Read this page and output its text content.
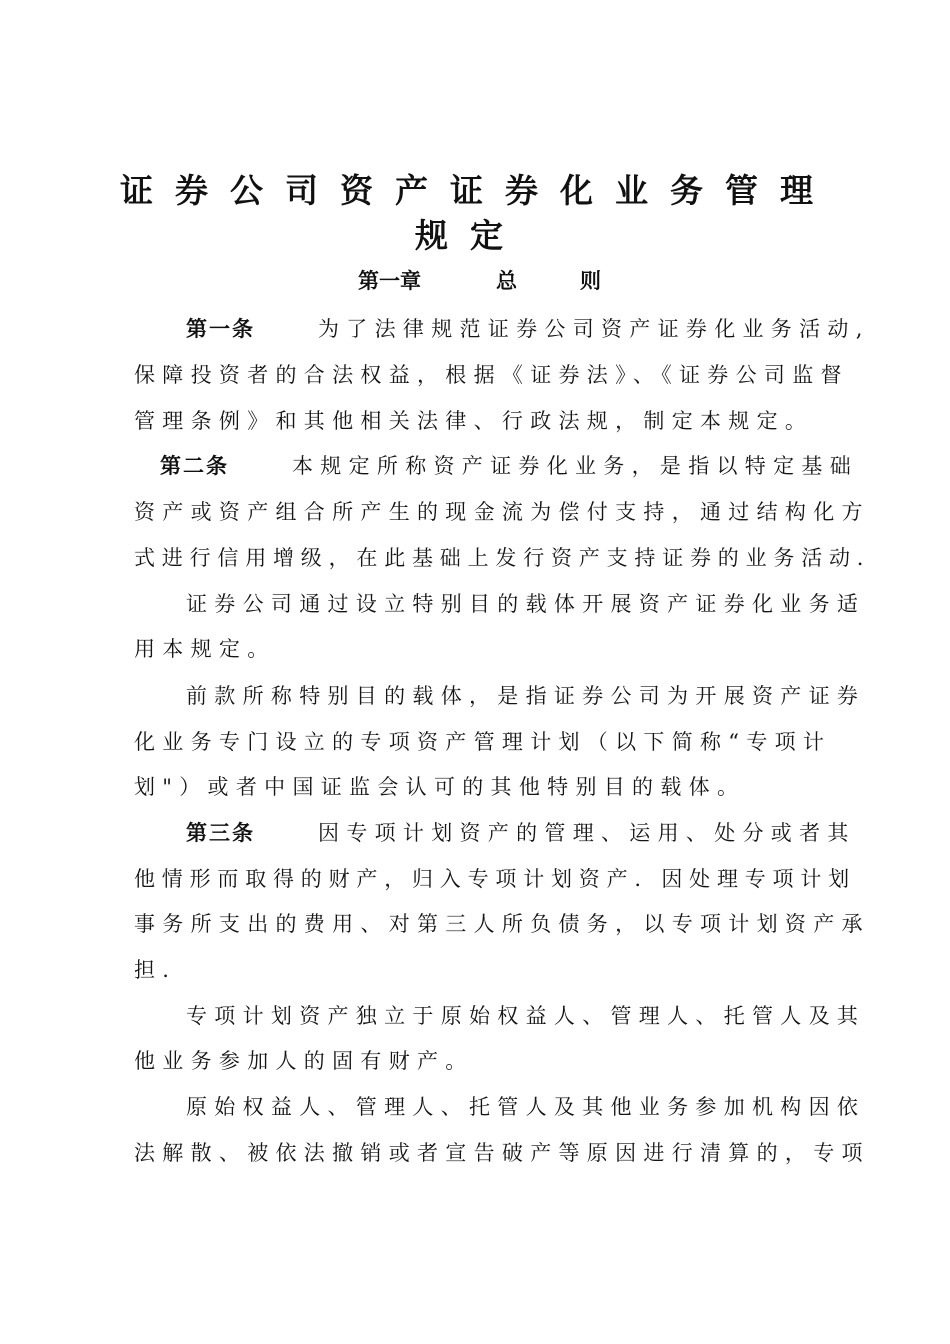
证券公司资产证券化业务管理
规定
第一章	总	则
第一条	为了法律规范证券公司资产证券化业务活动,
保障投资者的合法权益，根据《证券法》、《证券公司监督
管理条例》和其他相关法律、行政法规，制定本规定。
第二条	本规定所称资产证券化业务，是指以特定基础
资产或资产组合所产生的现金流为偿付支持，通过结构化方
式进行信用增级，在此基础上发行资产支持证券的业务活动.
证券公司通过设立特别目的载体开展资产证券化业务适
用本规定。
前款所称特别目的载体，是指证券公司为开展资产证券
化业务专门设立的专项资产管理计划（以下简称“专项计
划"）或者中国证监会认可的其他特别目的载体。
第三条	因专项计划资产的管理、运用、处分或者其
他情形而取得的财产，归入专项计划资产. 因处理专项计划
事务所支出的费用、对第三人所负债务，以专项计划资产承
担.
专项计划资产独立于原始权益人、管理人、托管人及其
他业务参加人的固有财产。
原始权益人、管理人、托管人及其他业务参加机构因依
法解散、被依法撤销或者宣告破产等原因进行清算的，专项
